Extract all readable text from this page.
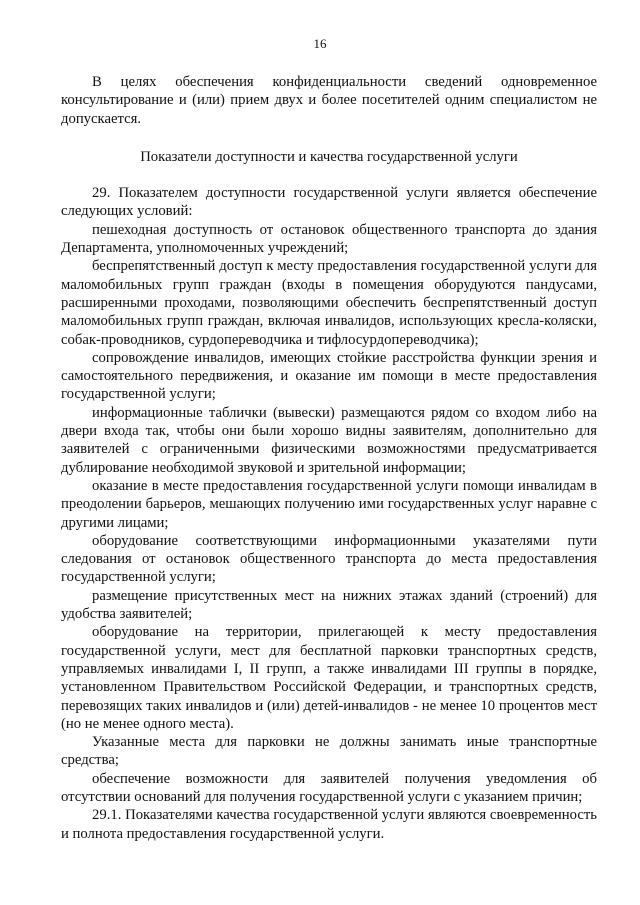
16

В целях обеспечения конфиденциальности сведений одновременное консультирование и (или) прием двух и более посетителей одним специалистом не допускается.

Показатели доступности и качества государственной услуги

29. Показателем доступности государственной услуги является обеспечение следующих условий:

пешеходная доступность от остановок общественного транспорта до здания Департамента, уполномоченных учреждений;

беспрепятственный доступ к месту предоставления государственной услуги для маломобильных групп граждан (входы в помещения оборудуются пандусами, расширенными проходами, позволяющими обеспечить беспрепятственный доступ маломобильных групп граждан, включая инвалидов, использующих кресла-коляски, собак-проводников, сурдопереводчика и тифлосурдопереводчика);

сопровождение инвалидов, имеющих стойкие расстройства функции зрения и самостоятельного передвижения, и оказание им помощи в месте предоставления государственной услуги;

информационные таблички (вывески) размещаются рядом со входом либо на двери входа так, чтобы они были хорошо видны заявителям, дополнительно для заявителей с ограниченными физическими возможностями предусматривается дублирование необходимой звуковой и зрительной информации;

оказание в месте предоставления государственной услуги помощи инвалидам в преодолении барьеров, мешающих получению ими государственных услуг наравне с другими лицами;

оборудование соответствующими информационными указателями пути следования от остановок общественного транспорта до места предоставления государственной услуги;

размещение присутственных мест на нижних этажах зданий (строений) для удобства заявителей;

оборудование на территории, прилегающей к месту предоставления государственной услуги, мест для бесплатной парковки транспортных средств, управляемых инвалидами I, II групп, а также инвалидами III группы в порядке, установленном Правительством Российской Федерации, и транспортных средств, перевозящих таких инвалидов и (или) детей-инвалидов - не менее 10 процентов мест (но не менее одного места).

Указанные места для парковки не должны занимать иные транспортные средства;

обеспечение возможности для заявителей получения уведомления об отсутствии оснований для получения государственной услуги с указанием причин;

29.1. Показателями качества государственной услуги являются своевременность и полнота предоставления государственной услуги.
